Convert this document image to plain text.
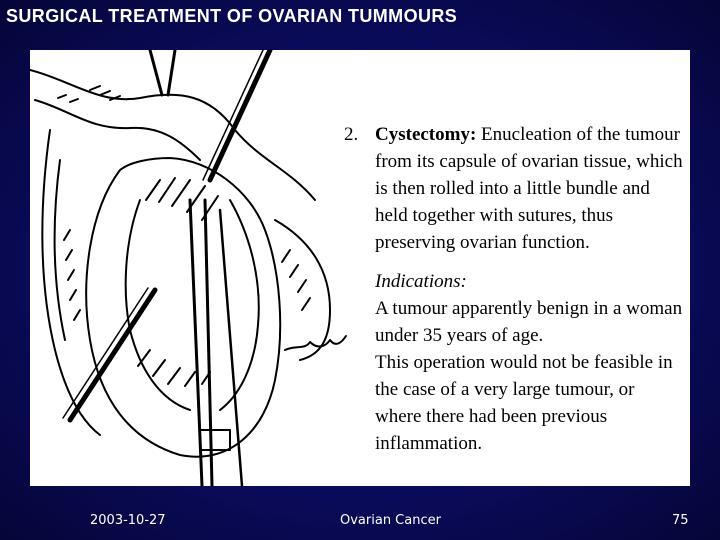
SURGICAL TREATMENT OF OVARIAN TUMMOURS
2. Cystectomy: Enucleation of the tumour from its capsule of ovarian tissue, which is then rolled into a little bundle and held together with sutures, thus preserving ovarian function.
Indications:
A tumour apparently benign in a woman under 35 years of age.
This operation would not be feasible in the case of a very large tumour, or where there had been previous inflammation.
2003-10-27	Ovarian Cancer	75
